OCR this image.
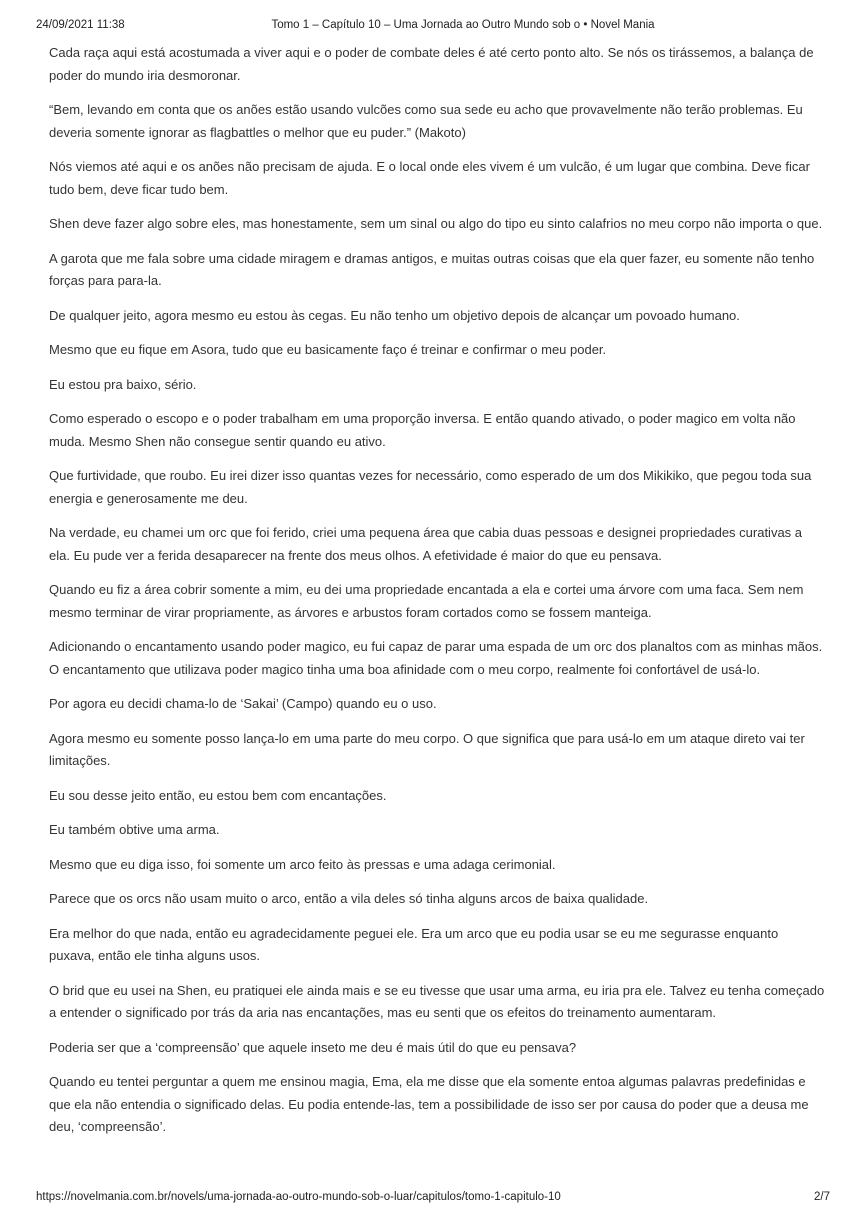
24/09/2021 11:38	Tomo 1 – Capítulo 10 – Uma Jornada ao Outro Mundo sob o • Novel Mania

Cada raça aqui está acostumada a viver aqui e o poder de combate deles é até certo ponto alto. Se nós os tirássemos, a balança de poder do mundo iria desmoronar.

“Bem, levando em conta que os anões estão usando vulcões como sua sede eu acho que provavelmente não terão problemas. Eu deveria somente ignorar as flagbattles o melhor que eu puder.” (Makoto)

Nós viemos até aqui e os anões não precisam de ajuda. E o local onde eles vivem é um vulcão, é um lugar que combina. Deve ficar tudo bem, deve ficar tudo bem.

Shen deve fazer algo sobre eles, mas honestamente, sem um sinal ou algo do tipo eu sinto calafrios no meu corpo não importa o que.

A garota que me fala sobre uma cidade miragem e dramas antigos, e muitas outras coisas que ela quer fazer, eu somente não tenho forças para para-la.

De qualquer jeito, agora mesmo eu estou às cegas. Eu não tenho um objetivo depois de alcançar um povoado humano.

Mesmo que eu fique em Asora, tudo que eu basicamente faço é treinar e confirmar o meu poder.

Eu estou pra baixo, sério.

Como esperado o escopo e o poder trabalham em uma proporção inversa. E então quando ativado, o poder magico em volta não muda. Mesmo Shen não consegue sentir quando eu ativo.

Que furtividade, que roubo. Eu irei dizer isso quantas vezes for necessário, como esperado de um dos Mikikiko, que pegou toda sua energia e generosamente me deu.

Na verdade, eu chamei um orc que foi ferido, criei uma pequena área que cabia duas pessoas e designei propriedades curativas a ela. Eu pude ver a ferida desaparecer na frente dos meus olhos. A efetividade é maior do que eu pensava.

Quando eu fiz a área cobrir somente a mim, eu dei uma propriedade encantada a ela e cortei uma árvore com uma faca. Sem nem mesmo terminar de virar propriamente, as árvores e arbustos foram cortados como se fossem manteiga.

Adicionando o encantamento usando poder magico, eu fui capaz de parar uma espada de um orc dos planaltos com as minhas mãos. O encantamento que utilizava poder magico tinha uma boa afinidade com o meu corpo, realmente foi confortável de usá-lo.

Por agora eu decidi chama-lo de ‘Sakai’ (Campo) quando eu o uso.

Agora mesmo eu somente posso lança-lo em uma parte do meu corpo. O que significa que para usá-lo em um ataque direto vai ter limitações.

Eu sou desse jeito então, eu estou bem com encantações.

Eu também obtive uma arma.

Mesmo que eu diga isso, foi somente um arco feito às pressas e uma adaga cerimonial.

Parece que os orcs não usam muito o arco, então a vila deles só tinha alguns arcos de baixa qualidade.

Era melhor do que nada, então eu agradecidamente peguei ele. Era um arco que eu podia usar se eu me segurasse enquanto puxava, então ele tinha alguns usos.

O brid que eu usei na Shen, eu pratiquei ele ainda mais e se eu tivesse que usar uma arma, eu iria pra ele. Talvez eu tenha começado a entender o significado por trás da aria nas encantações, mas eu senti que os efeitos do treinamento aumentaram.

Poderia ser que a ‘compreensão’ que aquele inseto me deu é mais útil do que eu pensava?

Quando eu tentei perguntar a quem me ensinou magia, Ema, ela me disse que ela somente entoa algumas palavras predefinidas e que ela não entendia o significado delas. Eu podia entende-las, tem a possibilidade de isso ser por causa do poder que a deusa me deu, ‘compreensão’.

https://novelmania.com.br/novels/uma-jornada-ao-outro-mundo-sob-o-luar/capitulos/tomo-1-capitulo-10	2/7
